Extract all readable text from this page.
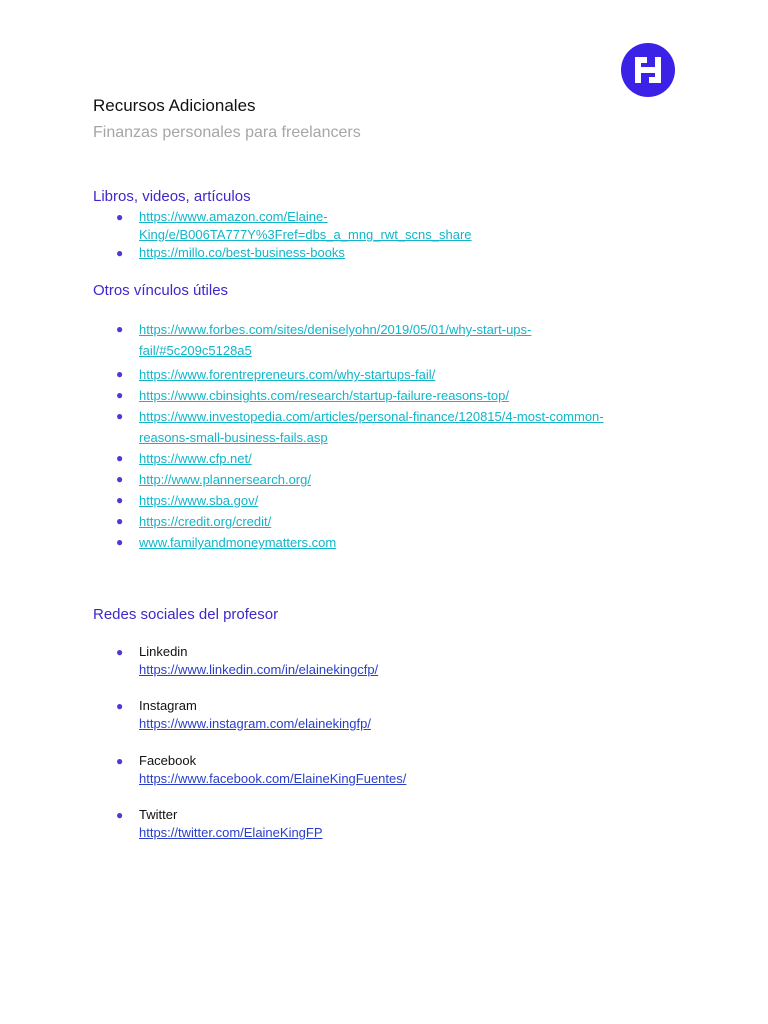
Recursos Adicionales
Finanzas personales para freelancers
Libros, videos, artículos
● https://www.amazon.com/Elaine-
King/e/B006TA777Y%3Fref=dbs_a_mng_rwt_scns_share
● https://millo.co/best-business-books
Otros vínculos útiles
● https://www.forbes.com/sites/deniselyohn/2019/05/01/why-start-ups-
fail/#5c209c5128a5
● https://www.forentrepreneurs.com/why-startups-fail/
● https://www.cbinsights.com/research/startup-failure-reasons-top/
● https://www.investopedia.com/articles/personal-finance/120815/4-most-common-
reasons-small-business-fails.asp
● https://www.cfp.net/
● http://www.plannersearch.org/
● https://www.sba.gov/
● https://credit.org/credit/
● www.familyandmoneymatters.com
Redes sociales del profesor
● Linkedin
https://www.linkedin.com/in/elainekingcfp/
● Instagram
https://www.instagram.com/elainekingfp/
● Facebook
https://www.facebook.com/ElaineKingFuentes/
● Twitter
https://twitter.com/ElaineKingFP
